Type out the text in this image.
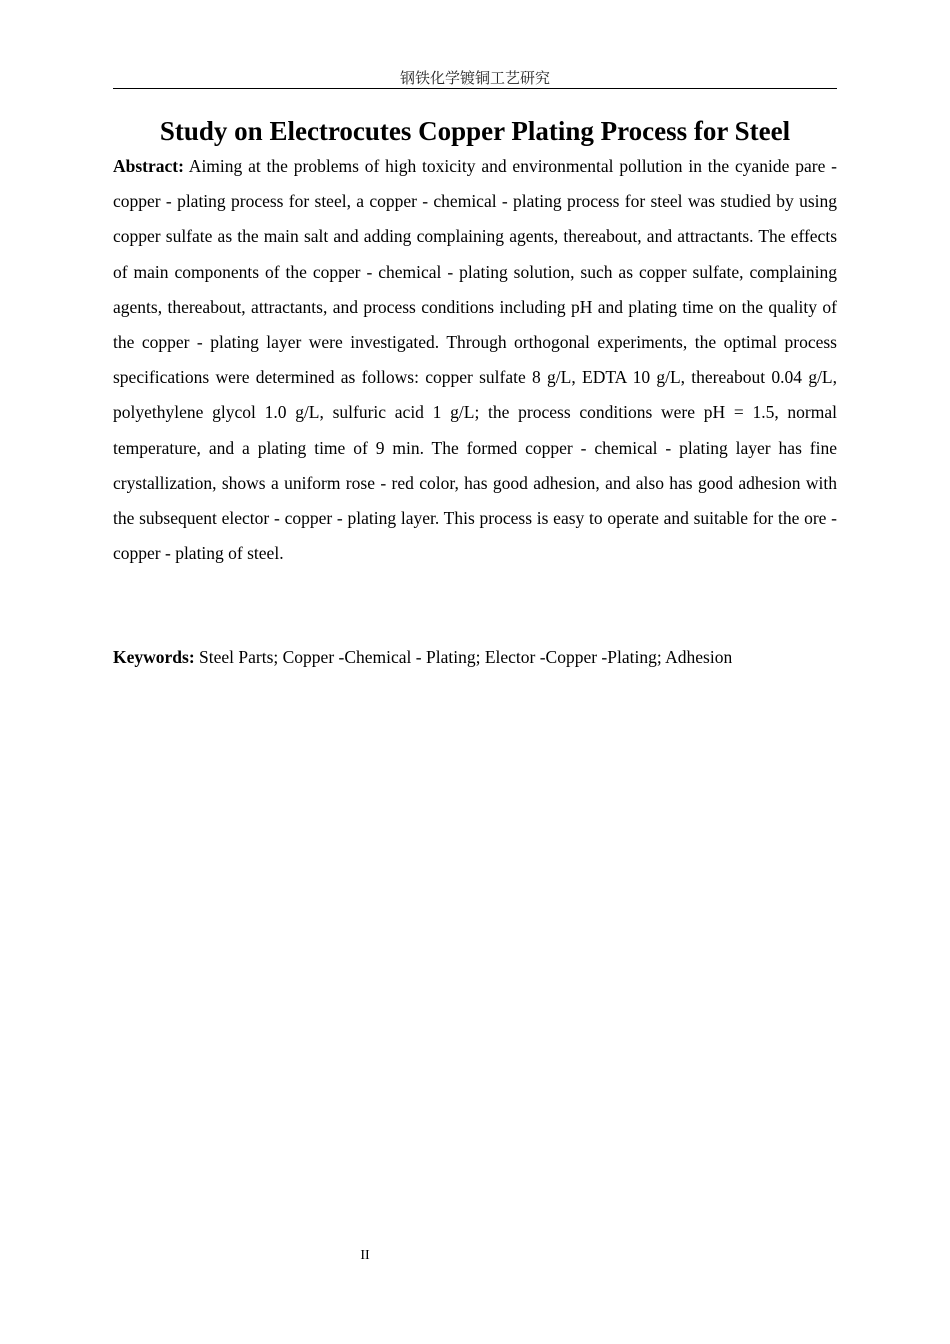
钢铁化学镀铜工艺研究
Study on Electrocutes Copper Plating Process for Steel

Abstract: Aiming at the problems of high toxicity and environmental pollution in the cyanide pare - copper - plating process for steel, a copper - chemical - plating process for steel was studied by using copper sulfate as the main salt and adding complaining agents, thereabout, and attractants. The effects of main components of the copper - chemical - plating solution, such as copper sulfate, complaining agents, thereabout, attractants, and process conditions including pH and plating time on the quality of the copper - plating layer were investigated. Through orthogonal experiments, the optimal process specifications were determined as follows: copper sulfate 8 g/L, EDTA 10 g/L, thereabout 0.04 g/L, polyethylene glycol 1.0 g/L, sulfuric acid 1 g/L; the process conditions were pH = 1.5, normal temperature, and a plating time of 9 min. The formed copper - chemical - plating layer has fine crystallization, shows a uniform rose - red color, has good adhesion, and also has good adhesion with the subsequent elector - copper - plating layer. This process is easy to operate and suitable for the ore - copper - plating of steel.

Keywords: Steel Parts; Copper -Chemical - Plating; Elector -Copper -Plating; Adhesion

II
